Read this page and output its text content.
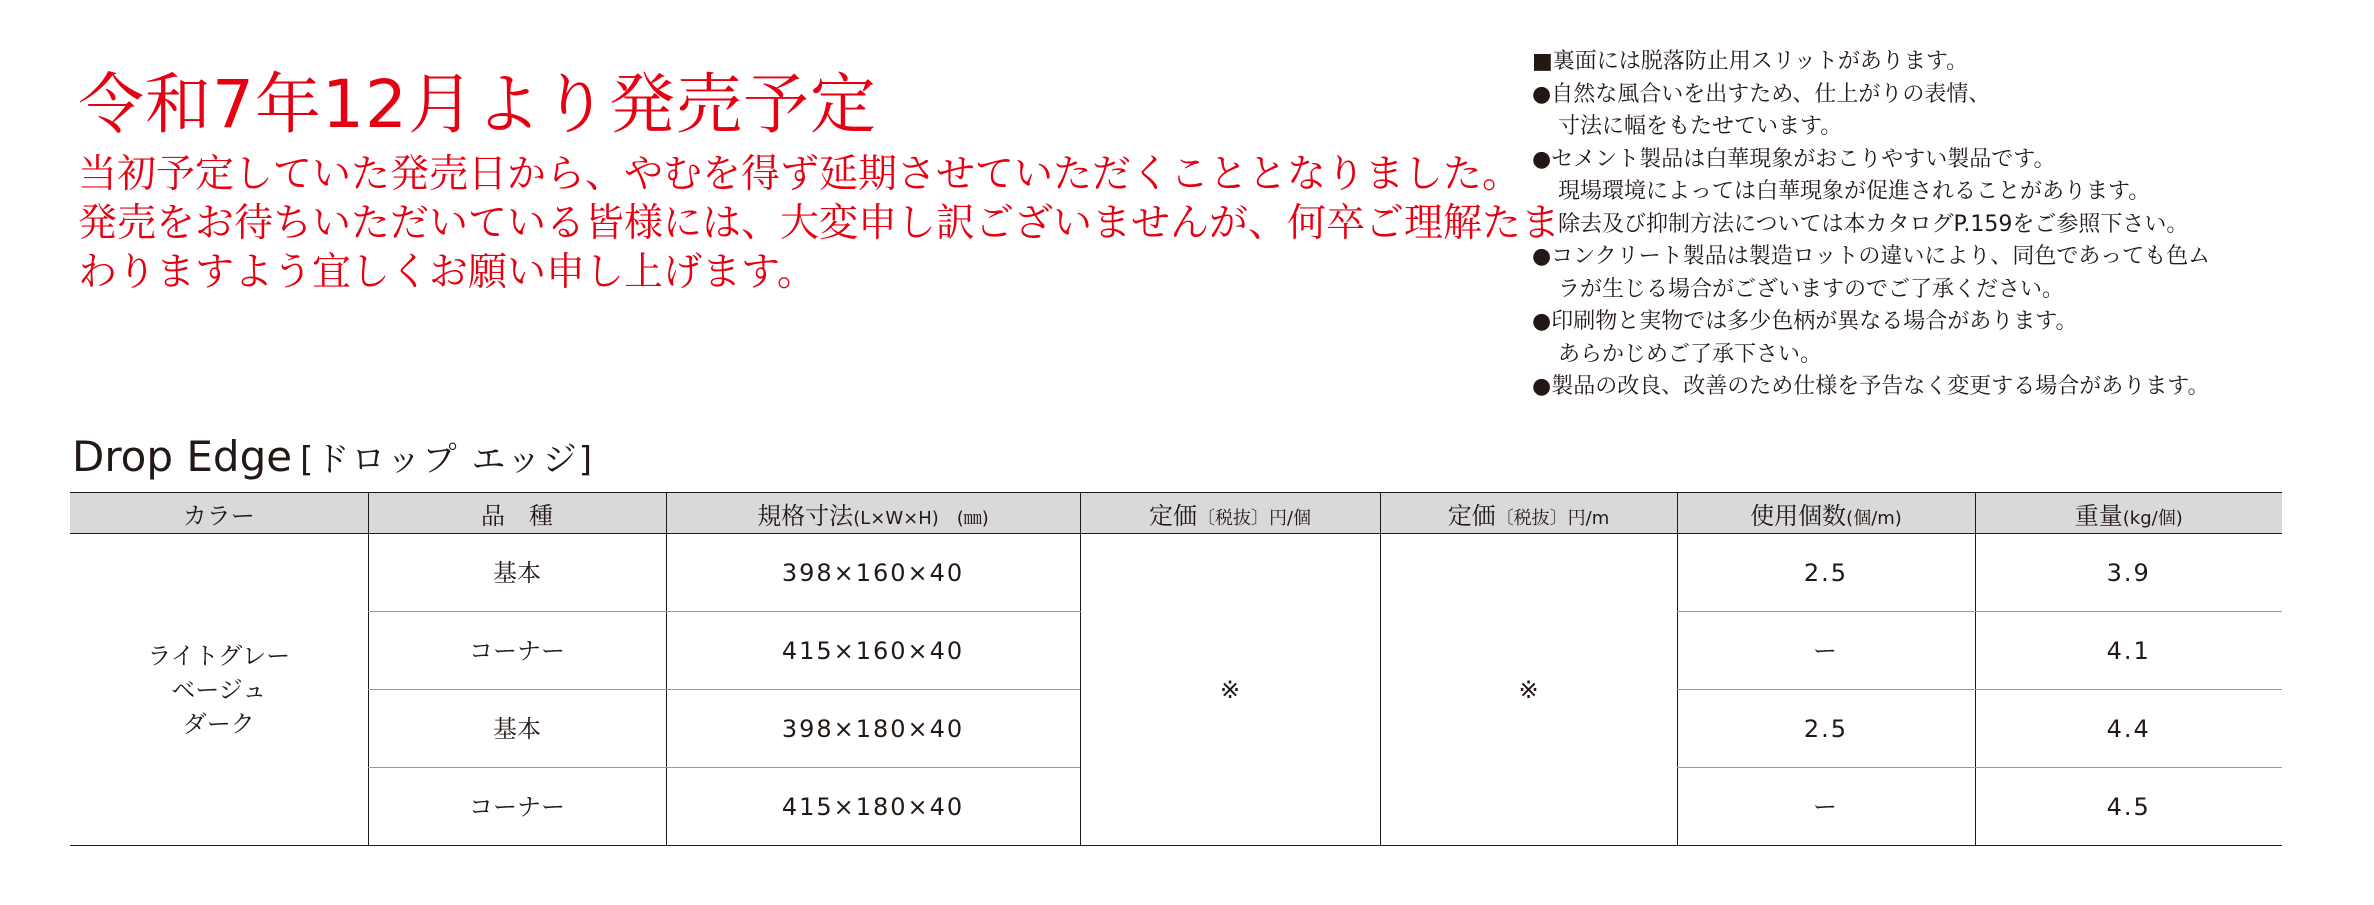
令和7年12月より発売予定
当初予定していた発売日から、やむを得ず延期させていただくこととなりました。
発売をお待ちいただいている皆様には、大変申し訳ございませんが、何卒ご理解たま
わりますよう宜しくお願い申し上げます。
■裏面には脱落防止用スリットがあります。
●自然な風合いを出すため、仕上がりの表情、
寸法に幅をもたせています。
●セメント製品は白華現象がおこりやすい製品です。
現場環境によっては白華現象が促進されることがあります。
除去及び抑制方法については本カタログP.159をご参照下さい。
●コンクリート製品は製造ロットの違いにより、同色であっても色ム
ラが生じる場合がございますのでご了承ください。
●印刷物と実物では多少色柄が異なる場合があります。
あらかじめご了承下さい。
●製品の改良、改善のため仕様を予告なく変更する場合があります。
Drop Edge [ドロップ エッジ]
カラー	品　種	規格寸法(L×W×H)　(㎜)	定価〔税抜〕円/個	定価〔税抜〕円/m	使用個数(個/m)	重量(kg/個)

ライトグレー
ベージュ
ダーク	基本	398×160×40	※	※	2.5	3.9
	コーナー	415×160×40			ー	4.1
	基本	398×180×40			2.5	4.4
	コーナー	415×180×40			ー	4.5
